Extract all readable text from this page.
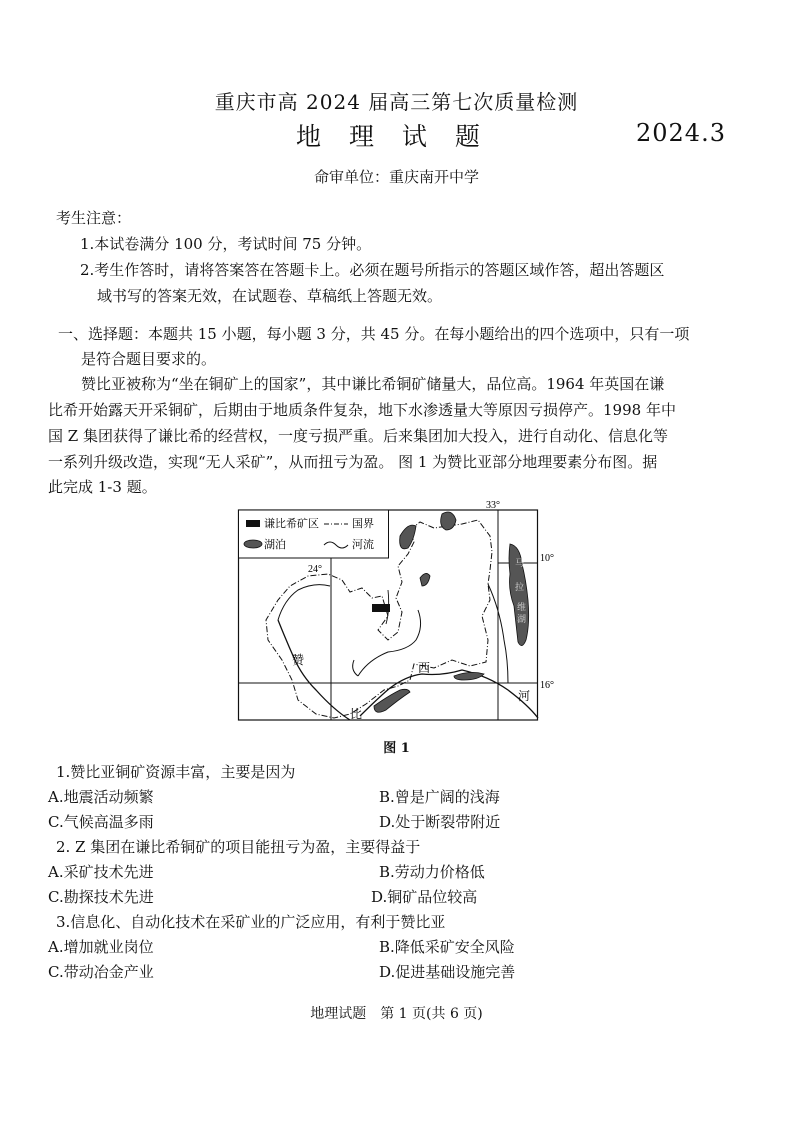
重庆市高 2024 届高三第七次质量检测
地 理 试 题	2024.3
命审单位：重庆南开中学
考生注意：
1.本试卷满分 100 分，考试时间 75 分钟。
2.考生作答时，请将答案答在答题卡上。必须在题号所指示的答题区域作答，超出答题区
域书写的答案无效，在试题卷、草稿纸上答题无效。
一、选择题：本题共 15 小题，每小题 3 分，共 45 分。在每小题给出的四个选项中，只有一项
是符合题目要求的。
赞比亚被称为“坐在铜矿上的国家”，其中谦比希铜矿储量大，品位高。1964 年英国在谦
比希开始露天开采铜矿，后期由于地质条件复杂，地下水渗透量大等原因亏损停产。1998 年中
国 Z 集团获得了谦比希的经营权，一度亏损严重。后来集团加大投入，进行自动化、信息化等
一系列升级改造，实现“无人采矿”，从而扭亏为盈。 图 1 为赞比亚部分地理要素分布图。据
此完成 1-3 题。
谦比希矿区	国界
湖泊	河流
33°
24°
10°
16°
马
拉
维
湖
赞
比
西
河
图 1
1.赞比亚铜矿资源丰富，主要是因为
A.地震活动频繁	B.曾是广阔的浅海
C.气候高温多雨	D.处于断裂带附近
2. Z 集团在谦比希铜矿的项目能扭亏为盈，主要得益于
A.采矿技术先进	B.劳动力价格低
C.勘探技术先进	D.铜矿品位较高
3.信息化、自动化技术在采矿业的广泛应用，有利于赞比亚
A.增加就业岗位	B.降低采矿安全风险
C.带动冶金产业	D.促进基础设施完善
地理试题　第 1 页(共 6 页)
